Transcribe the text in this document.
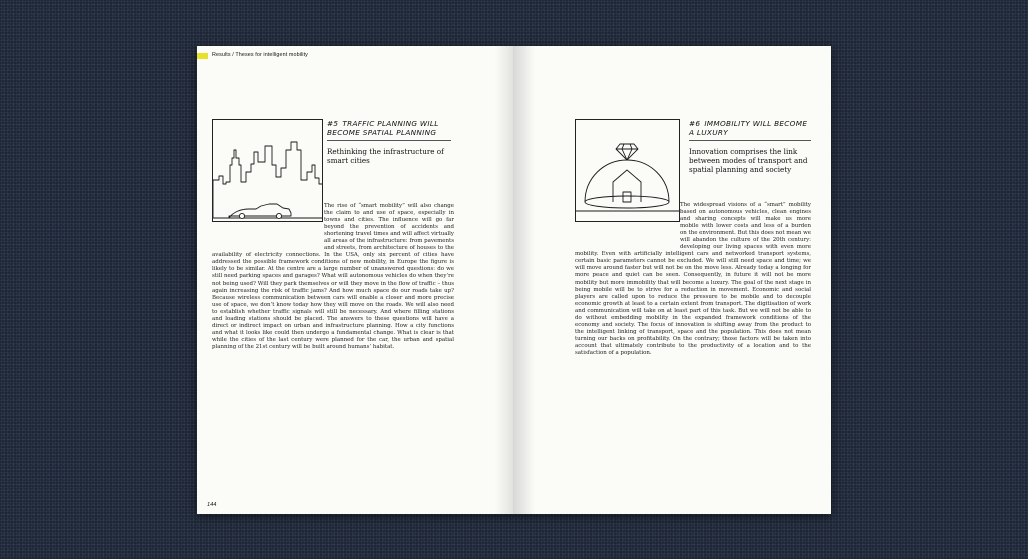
Results / Theses for intelligent mobility
#5 TRAFFIC PLANNING WILL BECOME SPATIAL PLANNING
Rethinking the infrastructure of smart cities

The rise of “smart mobility” will also change the claim to and use of space, especially in towns and cities. The influence will go far beyond the prevention of accidents and shortening travel times and will affect virtually all areas of the infrastructure: from pavements and streets, from architecture of houses to the availability of electricity connections. In the USA, only six percent of cities have addressed the possible framework conditions of new mobility, in Europe the figure is likely to be similar. At the centre are a large number of unanswered questions: do we still need parking spaces and garages? What will autonomous vehicles do when they’re not being used? Will they park themselves or will they move in the flow of traffic – thus again increasing the risk of traffic jams? And how much space do our roads take up? Because wireless communication between cars will enable a closer and more precise use of space, we don’t know today how they will move on the roads. We will also need to establish whether traffic signals will still be necessary. And where filling stations and loading stations should be placed. The answers to these questions will have a direct or indirect impact on urban and infrastructure planning. How a city functions and what it looks like could then undergo a fundamental change. What is clear is that while the cities of the last century were planned for the car, the urban and spatial planning of the 21st century will be built around humans’ habitat.

144
#6 IMMOBILITY WILL BECOME A LUXURY
Innovation comprises the link between modes of transport and spatial planning and society

The widespread visions of a “smart” mobility based on autonomous vehicles, clean engines and sharing concepts will make us more mobile with lower costs and less of a burden on the environment. But this does not mean we will abandon the culture of the 20th century: developing our living spaces with even more mobility. Even with artificially intelligent cars and networked transport systems, certain basic parameters cannot be excluded. We will still need space and time; we will move around faster but will not be on the move less. Already today a longing for more peace and quiet can be seen. Consequently, in future it will not be more mobility but more immobility that will become a luxury. The goal of the next stage in being mobile will be to strive for a reduction in movement. Economic and social players are called upon to reduce the pressure to be mobile and to decouple economic growth at least to a certain extent from transport. The digitisation of work and communication will take on at least part of this task. But we will not be able to do without embedding mobility in the expanded framework conditions of the economy and society. The focus of innovation is shifting away from the product to the intelligent linking of transport, space and the population. This does not mean turning our backs on profitability. On the contrary; those factors will be taken into account that ultimately contribute to the productivity of a location and to the satisfaction of a population.
